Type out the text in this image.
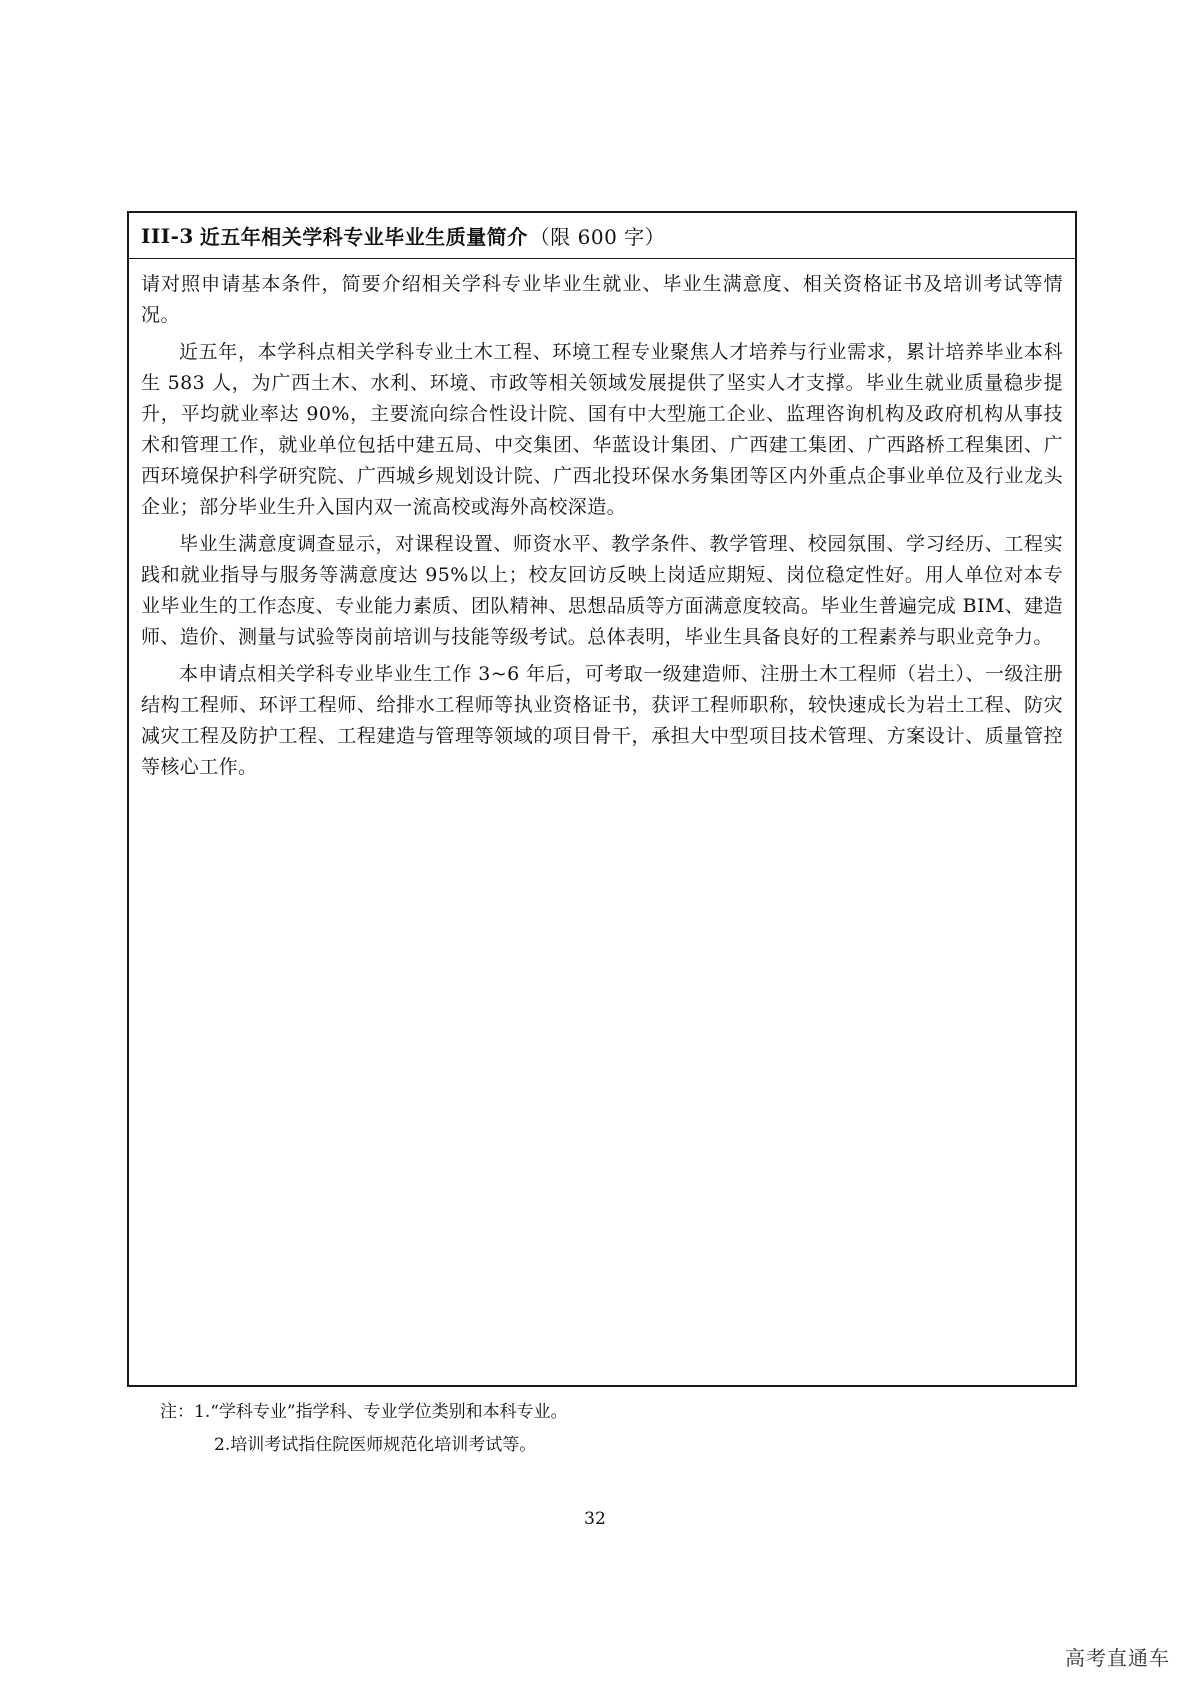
III-3 近五年相关学科专业毕业生质量简介 （限 600 字）

请对照申请基本条件，简要介绍相关学科专业毕业生就业、毕业生满意度、相关资格证书及培训考试等情况。

近五年，本学科点相关学科专业土木工程、环境工程专业聚焦人才培养与行业需求，累计培养毕业本科生 583 人，为广西土木、水利、环境、市政等相关领域发展提供了坚实人才支撑。毕业生就业质量稳步提升，平均就业率达 90%，主要流向综合性设计院、国有中大型施工企业、监理咨询机构及政府机构从事技术和管理工作，就业单位包括中建五局、中交集团、华蓝设计集团、广西建工集团、广西路桥工程集团、广西环境保护科学研究院、广西城乡规划设计院、广西北投环保水务集团等区内外重点企事业单位及行业龙头企业；部分毕业生升入国内双一流高校或海外高校深造。

毕业生满意度调查显示，对课程设置、师资水平、教学条件、教学管理、校园氛围、学习经历、工程实践和就业指导与服务等满意度达 95%以上；校友回访反映上岗适应期短、岗位稳定性好。用人单位对本专业毕业生的工作态度、专业能力素质、团队精神、思想品质等方面满意度较高。毕业生普遍完成 BIM、建造师、造价、测量与试验等岗前培训与技能等级考试。总体表明，毕业生具备良好的工程素养与职业竞争力。

本申请点相关学科专业毕业生工作 3~6 年后，可考取一级建造师、注册土木工程师（岩土）、一级注册结构工程师、环评工程师、给排水工程师等执业资格证书，获评工程师职称，较快速成长为岩土工程、防灾减灾工程及防护工程、工程建造与管理等领域的项目骨干，承担大中型项目技术管理、方案设计、质量管控等核心工作。

注：1.“学科专业”指学科、专业学位类别和本科专业。
2.培训考试指住院医师规范化培训考试等。
32
高考直通车
